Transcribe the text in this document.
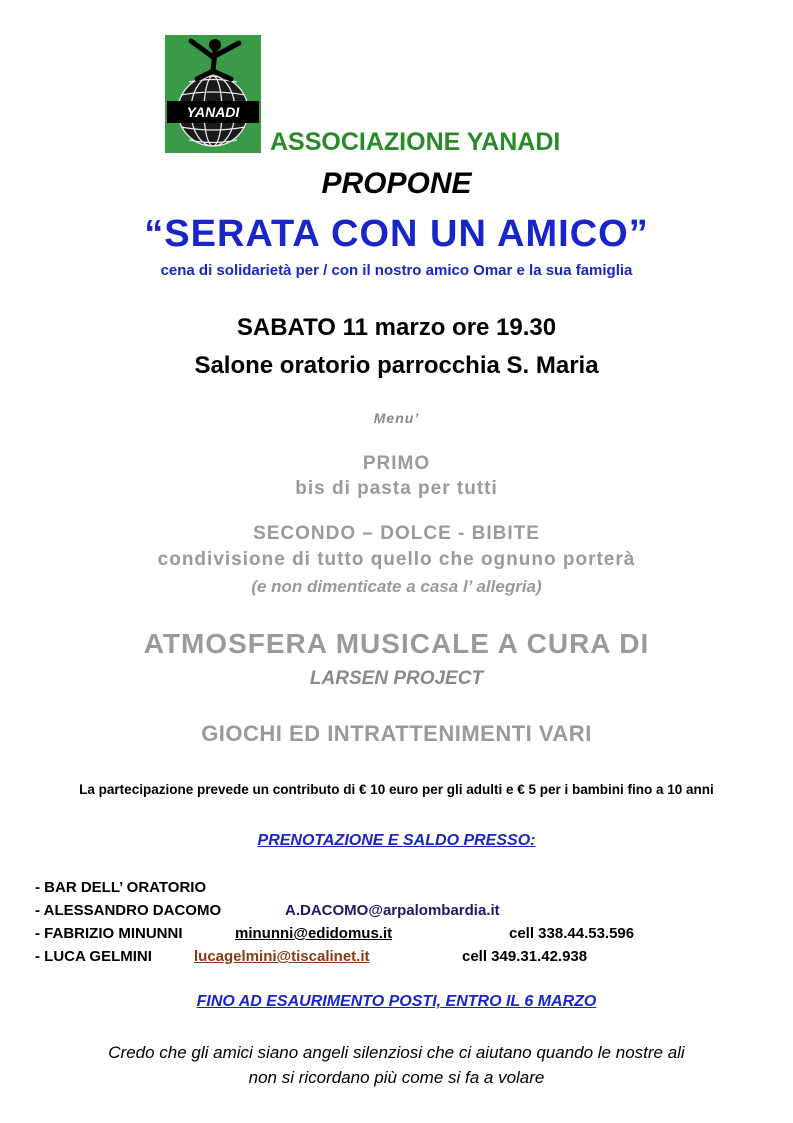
YANADI
ASSOCIAZIONE YANADI
PROPONE
“SERATA CON UN AMICO”
cena di solidarietà per / con il nostro amico Omar e la sua famiglia
SABATO 11 marzo ore 19.30
Salone oratorio parrocchia S. Maria
Menu’
PRIMO
bis di pasta per tutti
SECONDO – DOLCE - BIBITE
condivisione di tutto quello che ognuno porterà
(e non dimenticate a casa l’ allegria)
ATMOSFERA MUSICALE A CURA DI
LARSEN PROJECT
GIOCHI ED INTRATTENIMENTI VARI
La partecipazione prevede un contributo di € 10 euro per gli adulti e € 5 per i bambini fino a 10 anni
PRENOTAZIONE E SALDO PRESSO:
- BAR DELL’ ORATORIO
- ALESSANDRO DACOMO	A.DACOMO@arpalombardia.it
- FABRIZIO MINUNNI	minunni@edidomus.it	cell 338.44.53.596
- LUCA GELMINI	lucagelmini@tiscalinet.it	cell 349.31.42.938
FINO AD ESAURIMENTO POSTI, ENTRO IL 6 MARZO
Credo che gli amici siano angeli silenziosi che ci aiutano quando le nostre ali
non si ricordano più come si fa a volare
